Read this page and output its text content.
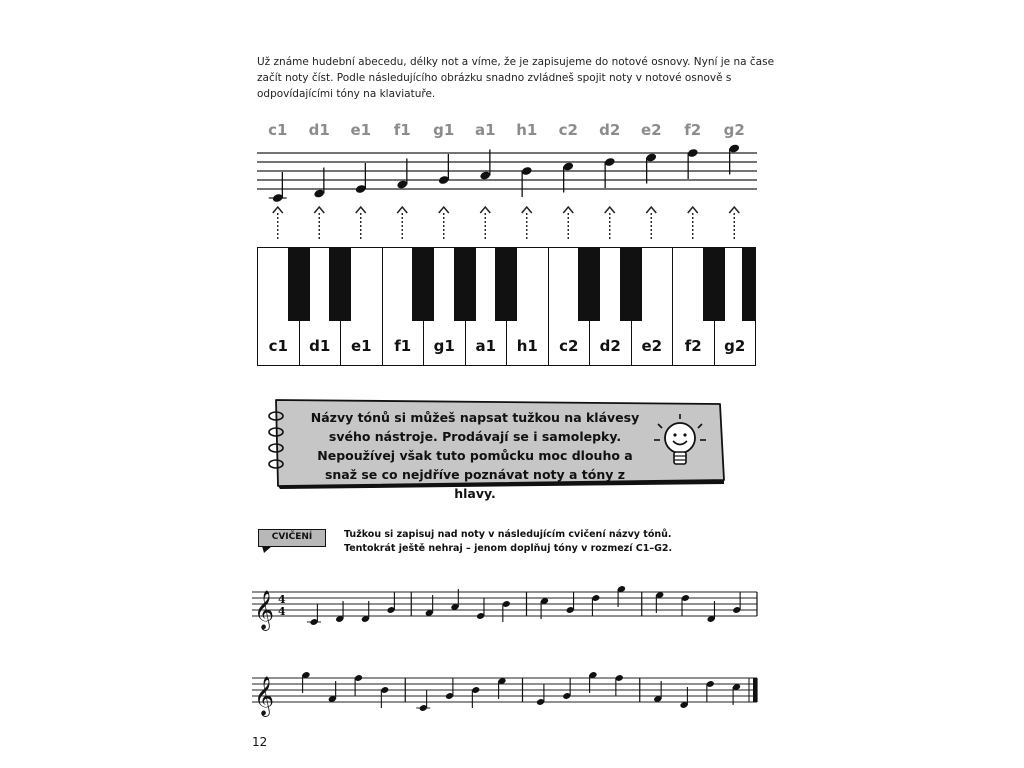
Už známe hudební abecedu, délky not a víme, že je zapisujeme do notové osnovy. Nyní je na čase začít noty číst. Podle následujícího obrázku snadno zvládneš spojit noty v notové osnově s odpovídajícími tóny na klaviatuře.
c1	d1	e1	f1	g1	a1	h1	c2	d2	e2	f2	g2
c1	d1	e1	f1	g1	a1	h1	c2	d2	e2	f2	g2
Názvy tónů si můžeš napsat tužkou na klávesy svého nástroje. Prodávají se i samolepky. Nepoužívej však tuto pomůcku moc dlouho a snaž se co nejdříve poznávat noty a tóny z hlavy.
CVIČENÍ	Tužkou si zapisuj nad noty v následujícím cvičení názvy tónů. Tentokrát ještě nehraj – jenom doplňuj tóny v rozmezí C1–G2.
𝄞 4
4
𝄞
12
